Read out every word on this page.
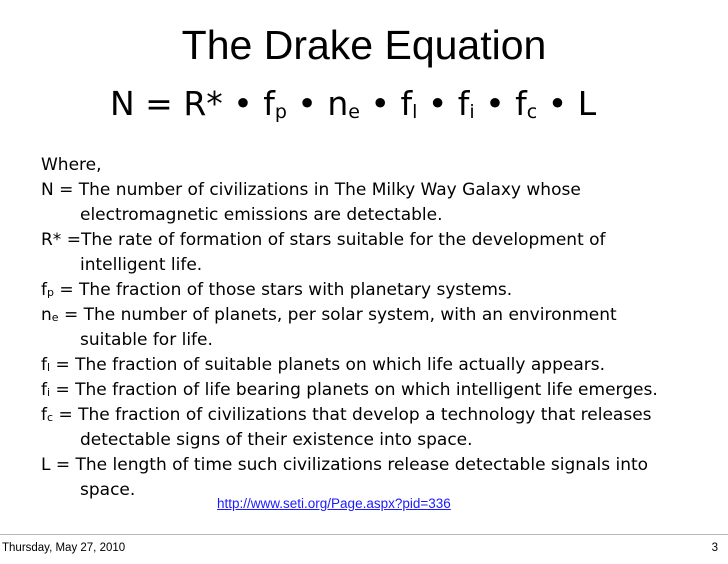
The Drake Equation
N = R* • $f_p$ • $n_e$ • $f_l$ • $f_i$ • $f_c$ • L
Where,
N = The number of civilizations in The Milky Way Galaxy whose
electromagnetic emissions are detectable.
R* =The rate of formation of stars suitable for the development of
intelligent life.
$f_p$ = The fraction of those stars with planetary systems.
$n_e$ = The number of planets, per solar system, with an environment
suitable for life.
$f_l$ = The fraction of suitable planets on which life actually appears.
$f_i$ = The fraction of life bearing planets on which intelligent life emerges.
$f_c$ = The fraction of civilizations that develop a technology that releases
detectable signs of their existence into space.
L = The length of time such civilizations release detectable signals into
space.
http://www.seti.org/Page.aspx?pid=336
Thursday, May 27, 2010	3
